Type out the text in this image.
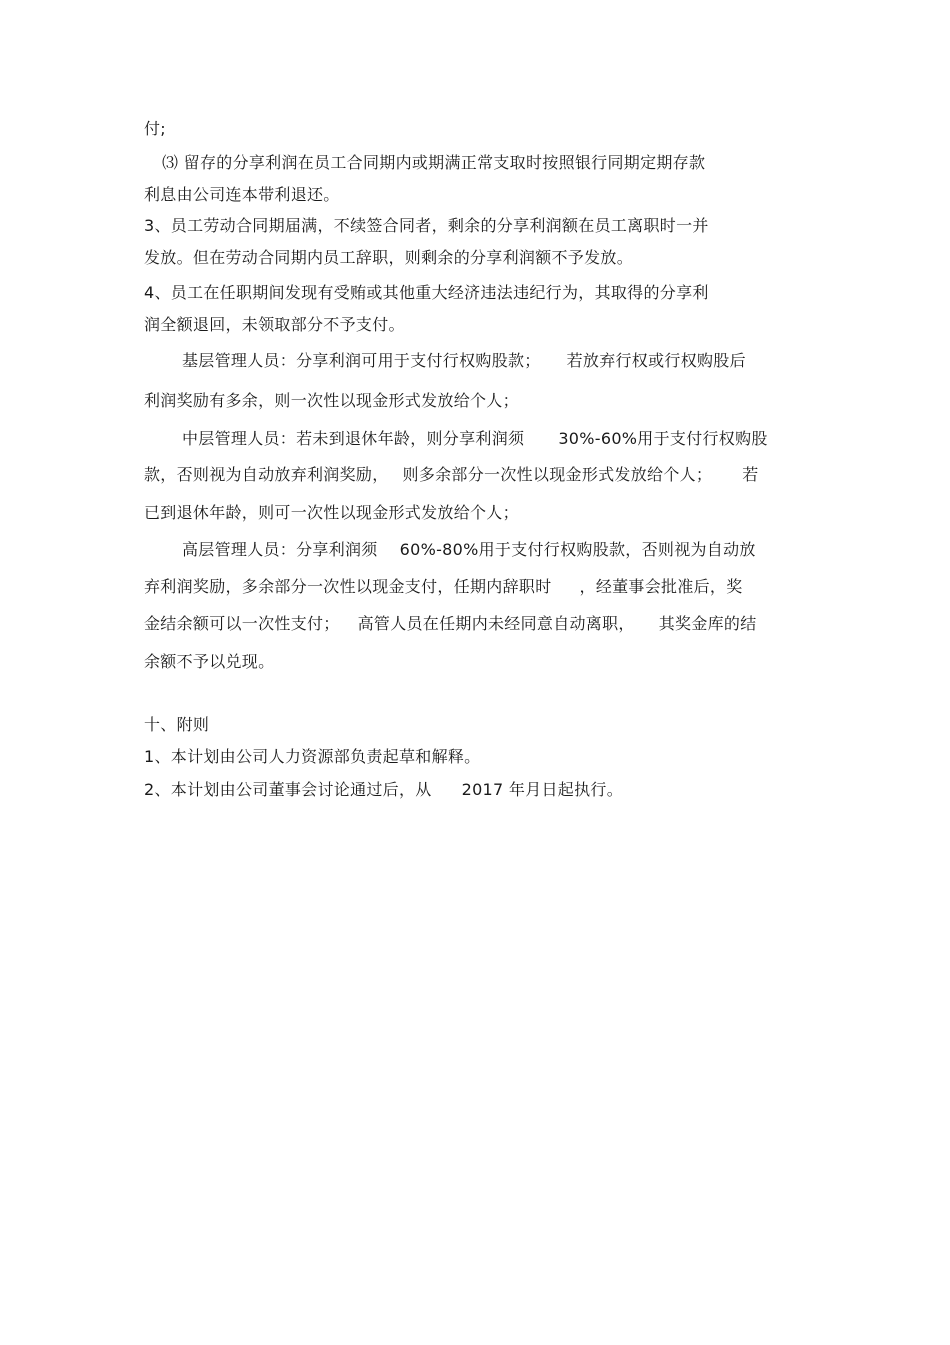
付;
⑶ 留存的分享利润在员工合同期内或期满正常支取时按照银行同期定期存款
利息由公司连本带利退还。
3、员工劳动合同期届满，不续签合同者，剩余的分享利润额在员工离职时一并
发放。但在劳动合同期内员工辞职，则剩余的分享利润额不予发放。
4、员工在任职期间发现有受贿或其他重大经济违法违纪行为，其取得的分享利
润全额退回，未领取部分不予支付。
基层管理人员：分享利润可用于支付行权购股款； 若放弃行权或行权购股后
利润奖励有多余，则一次性以现金形式发放给个人；
中层管理人员：若未到退休年龄，则分享利润须 30%-60%用于支付行权购股
款，否则视为自动放弃利润奖励， 则多余部分一次性以现金形式发放给个人； 若
已到退休年龄，则可一次性以现金形式发放给个人；
高层管理人员：分享利润须 60%-80%用于支付行权购股款，否则视为自动放
弃利润奖励，多余部分一次性以现金支付，任期内辞职时 ，经董事会批准后，奖
金结余额可以一次性支付； 高管人员在任期内未经同意自动离职， 其奖金库的结
余额不予以兑现。
十、附则
1、本计划由公司人力资源部负责起草和解释。
2、本计划由公司董事会讨论通过后，从 2017 年月日起执行。
